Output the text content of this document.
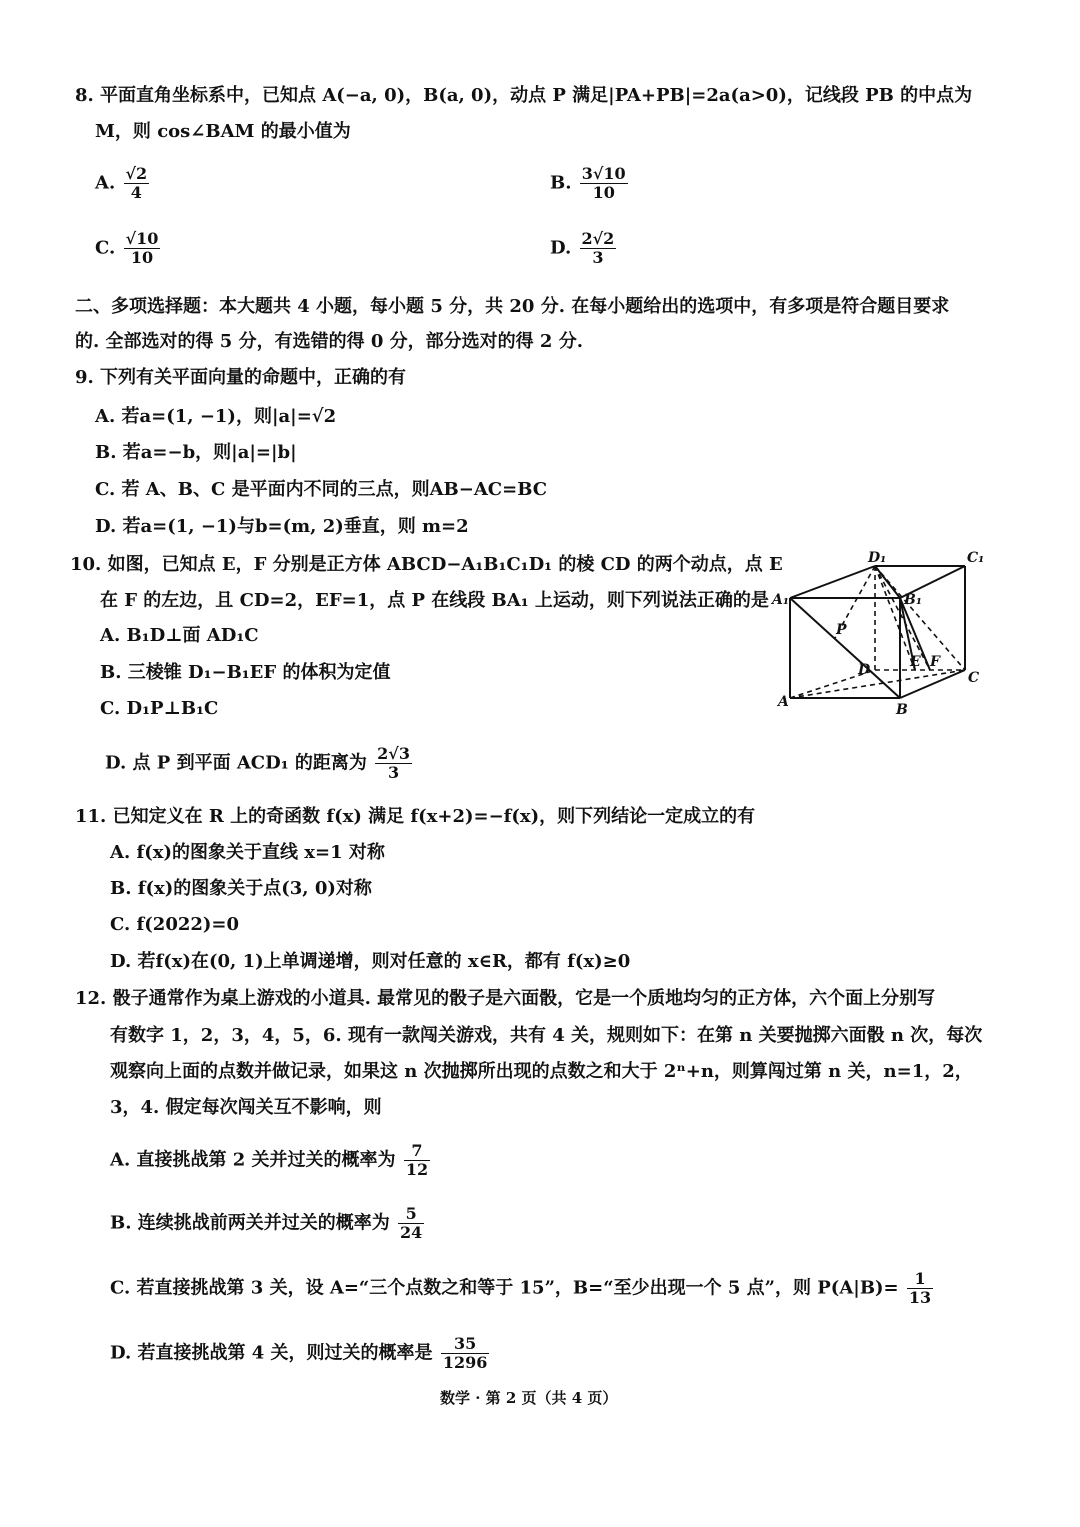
8. 平面直角坐标系中，已知点 A(−a, 0)，B(a, 0)，动点 P 满足|PA+PB|=2a(a>0)，记线段 PB 的中点为
M，则 cos∠BAM 的最小值为
A. $\frac{√2}{4}$	B. $\frac{3√10}{10}$
C. $\frac{√10}{10}$	D. $\frac{2√2}{3}$
二、多项选择题：本大题共 4 小题，每小题 5 分，共 20 分. 在每小题给出的选项中，有多项是符合题目要求
的. 全部选对的得 5 分，有选错的得 0 分，部分选对的得 2 分.
9. 下列有关平面向量的命题中，正确的有
A. 若a=(1, −1)，则|a|=√2
B. 若a=−b，则|a|=|b|
C. 若 A、B、C 是平面内不同的三点，则AB−AC=BC
D. 若a=(1, −1)与b=(m, 2)垂直，则 m=2
10. 如图，已知点 E，F 分别是正方体 ABCD−A₁B₁C₁D₁ 的棱 CD 的两个动点，点 E
在 F 的左边，且 CD=2，EF=1，点 P 在线段 BA₁ 上运动，则下列说法正确的是
A. B₁D⊥面 AD₁C
B. 三棱锥 D₁−B₁EF 的体积为定值
C. D₁P⊥B₁C
D. 点 P 到平面 ACD₁ 的距离为 $\frac{2√3}{3}$
D₁	C₁
A₁	B₁
P
D	E F
C
A	B
11. 已知定义在 R 上的奇函数 f(x) 满足 f(x+2)=−f(x)，则下列结论一定成立的有
A. f(x)的图象关于直线 x=1 对称
B. f(x)的图象关于点(3, 0)对称
C. f(2022)=0
D. 若f(x)在(0, 1)上单调递增，则对任意的 x∈R，都有 f(x)≥0
12. 骰子通常作为桌上游戏的小道具. 最常见的骰子是六面骰，它是一个质地均匀的正方体，六个面上分别写
有数字 1，2，3，4，5，6. 现有一款闯关游戏，共有 4 关，规则如下：在第 n 关要抛掷六面骰 n 次，每次
观察向上面的点数并做记录，如果这 n 次抛掷所出现的点数之和大于 2ⁿ+n，则算闯过第 n 关，n=1，2，
3，4. 假定每次闯关互不影响，则
A. 直接挑战第 2 关并过关的概率为 $\frac{7}{12}$
B. 连续挑战前两关并过关的概率为 $\frac{5}{24}$
C. 若直接挑战第 3 关，设 A=“三个点数之和等于 15”，B=“至少出现一个 5 点”，则 $P(A|B)= \frac{1}{13}$
D. 若直接挑战第 4 关，则过关的概率是 $\frac{35}{1296}$
数学 · 第 2 页（共 4 页）
